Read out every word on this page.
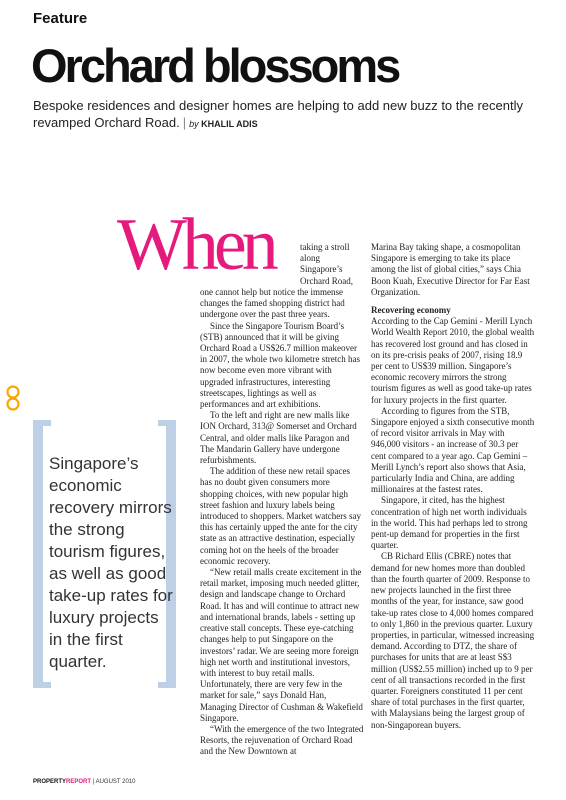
Feature
Orchard blossoms
Bespoke residences and designer homes are helping to add new buzz to the recently revamped Orchard Road. | by KHALIL ADIS
Singapore’s economic recovery mirrors the strong tourism figures, as well as good take-up rates for luxury projects in the first quarter.
When	taking a stroll along Singapore’s Orchard Road,

one cannot help but notice the immense changes the famed shopping district had undergone over the past three years.

Since the Singapore Tourism Board’s (STB) announced that it will be giving Orchard Road a US$26.7 million makeover in 2007, the whole two kilometre stretch has now become even more vibrant with upgraded infrastructures, interesting streetscapes, lightings as well as performances and art exhibitions.

To the left and right are new malls like ION Orchard, 313@ Somerset and Orchard Central, and older malls like Paragon and The Mandarin Gallery have undergone refurbishments.

The addition of these new retail spaces has no doubt given consumers more shopping choices, with new popular high street fashion and luxury labels being introduced to shoppers. Market watchers say this has certainly upped the ante for the city state as an attractive destination, especially coming hot on the heels of the broader economic recovery.

“New retail malls create excitement in the retail market, imposing much needed glitter, design and landscape change to Orchard Road. It has and will continue to attract new and international brands, labels - setting up creative stall concepts. These eye-catching changes help to put Singapore on the investors’ radar. We are seeing more foreign high net worth and institutional investors, with interest to buy retail malls. Unfortunately, there are very few in the market for sale,” says Donald Han, Managing Director of Cushman & Wakefield Singapore.

“With the emergence of the two Integrated Resorts, the rejuvenation of Orchard Road and the New Downtown at

Marina Bay taking shape, a cosmopolitan Singapore is emerging to take its place among the list of global cities,” says Chia Boon Kuah, Executive Director for Far East Organization.

Recovering economy

According to the Cap Gemini - Merill Lynch World Wealth Report 2010, the global wealth has recovered lost ground and has closed in on its pre-crisis peaks of 2007, rising 18.9 per cent to US$39 million. Singapore’s economic recovery mirrors the strong tourism figures as well as good take-up rates for luxury projects in the first quarter.

According to figures from the STB, Singapore enjoyed a sixth consecutive month of record visitor arrivals in May with 946,000 visitors - an increase of 30.3 per cent compared to a year ago. Cap Gemini – Merill Lynch’s report also shows that Asia, particularly India and China, are adding millionaires at the fastest rates.

Singapore, it cited, has the highest concentration of high net worth individuals in the world. This had perhaps led to strong pent-up demand for properties in the first quarter.

CB Richard Ellis (CBRE) notes that demand for new homes more than doubled than the fourth quarter of 2009. Response to new projects launched in the first three months of the year, for instance, saw good take-up rates close to 4,000 homes compared to only 1,860 in the previous quarter. Luxury properties, in particular, witnessed increasing demand. According to DTZ, the share of purchases for units that are at least S$3 million (US$2.55 million) inched up to 9 per cent of all transactions recorded in the first quarter. Foreigners constituted 11 per cent share of total purchases in the first quarter, with Malaysians being the largest group of non-Singaporean buyers.

PROPERTYREPORT | AUGUST 2010
